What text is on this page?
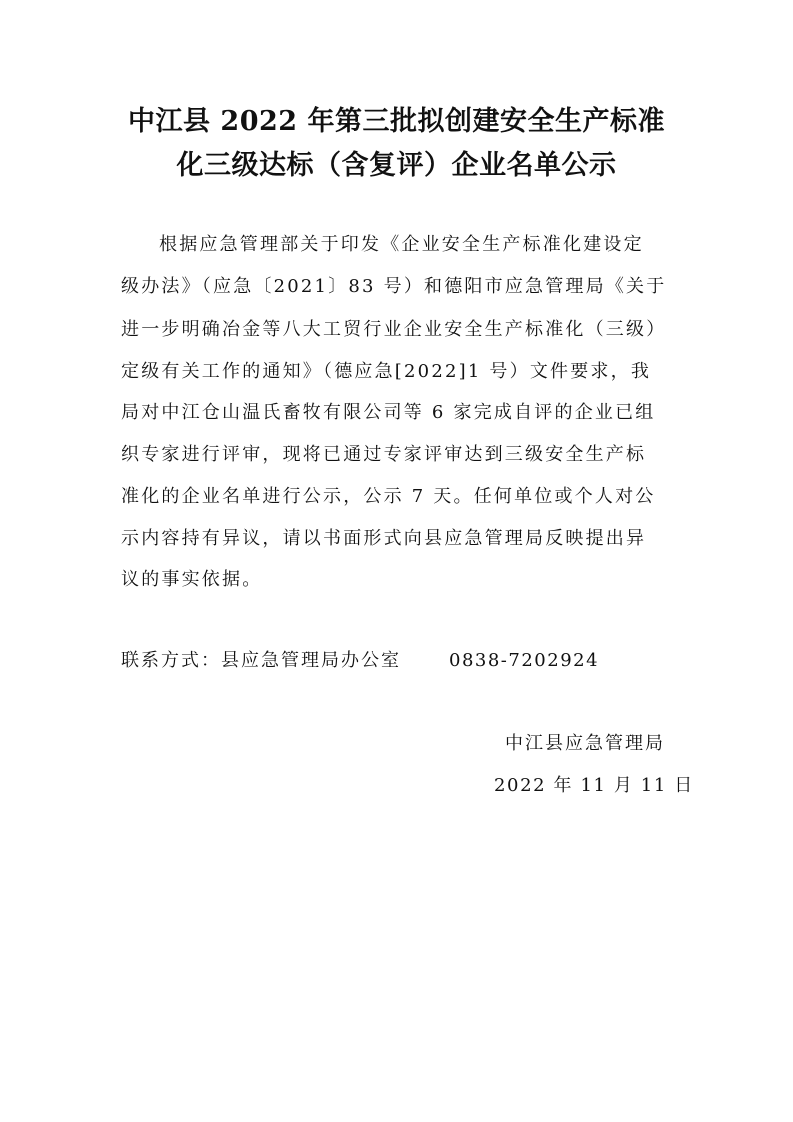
中江县 2022 年第三批拟创建安全生产标准
化三级达标（含复评）企业名单公示

根据应急管理部关于印发《企业安全生产标准化建设定

级办法》（应急〔2021〕83 号）和德阳市应急管理局《关于

进一步明确冶金等八大工贸行业企业安全生产标准化（三级）

定级有关工作的通知》（德应急[2022]1 号）文件要求，我

局对中江仓山温氏畜牧有限公司等 6 家完成自评的企业已组

织专家进行评审，现将已通过专家评审达到三级安全生产标

准化的企业名单进行公示，公示 7 天。任何单位或个人对公

示内容持有异议，请以书面形式向县应急管理局反映提出异

议的事实依据。

联系方式：县应急管理局办公室	0838-7202924
中江县应急管理局
2022 年 11 月 11 日
